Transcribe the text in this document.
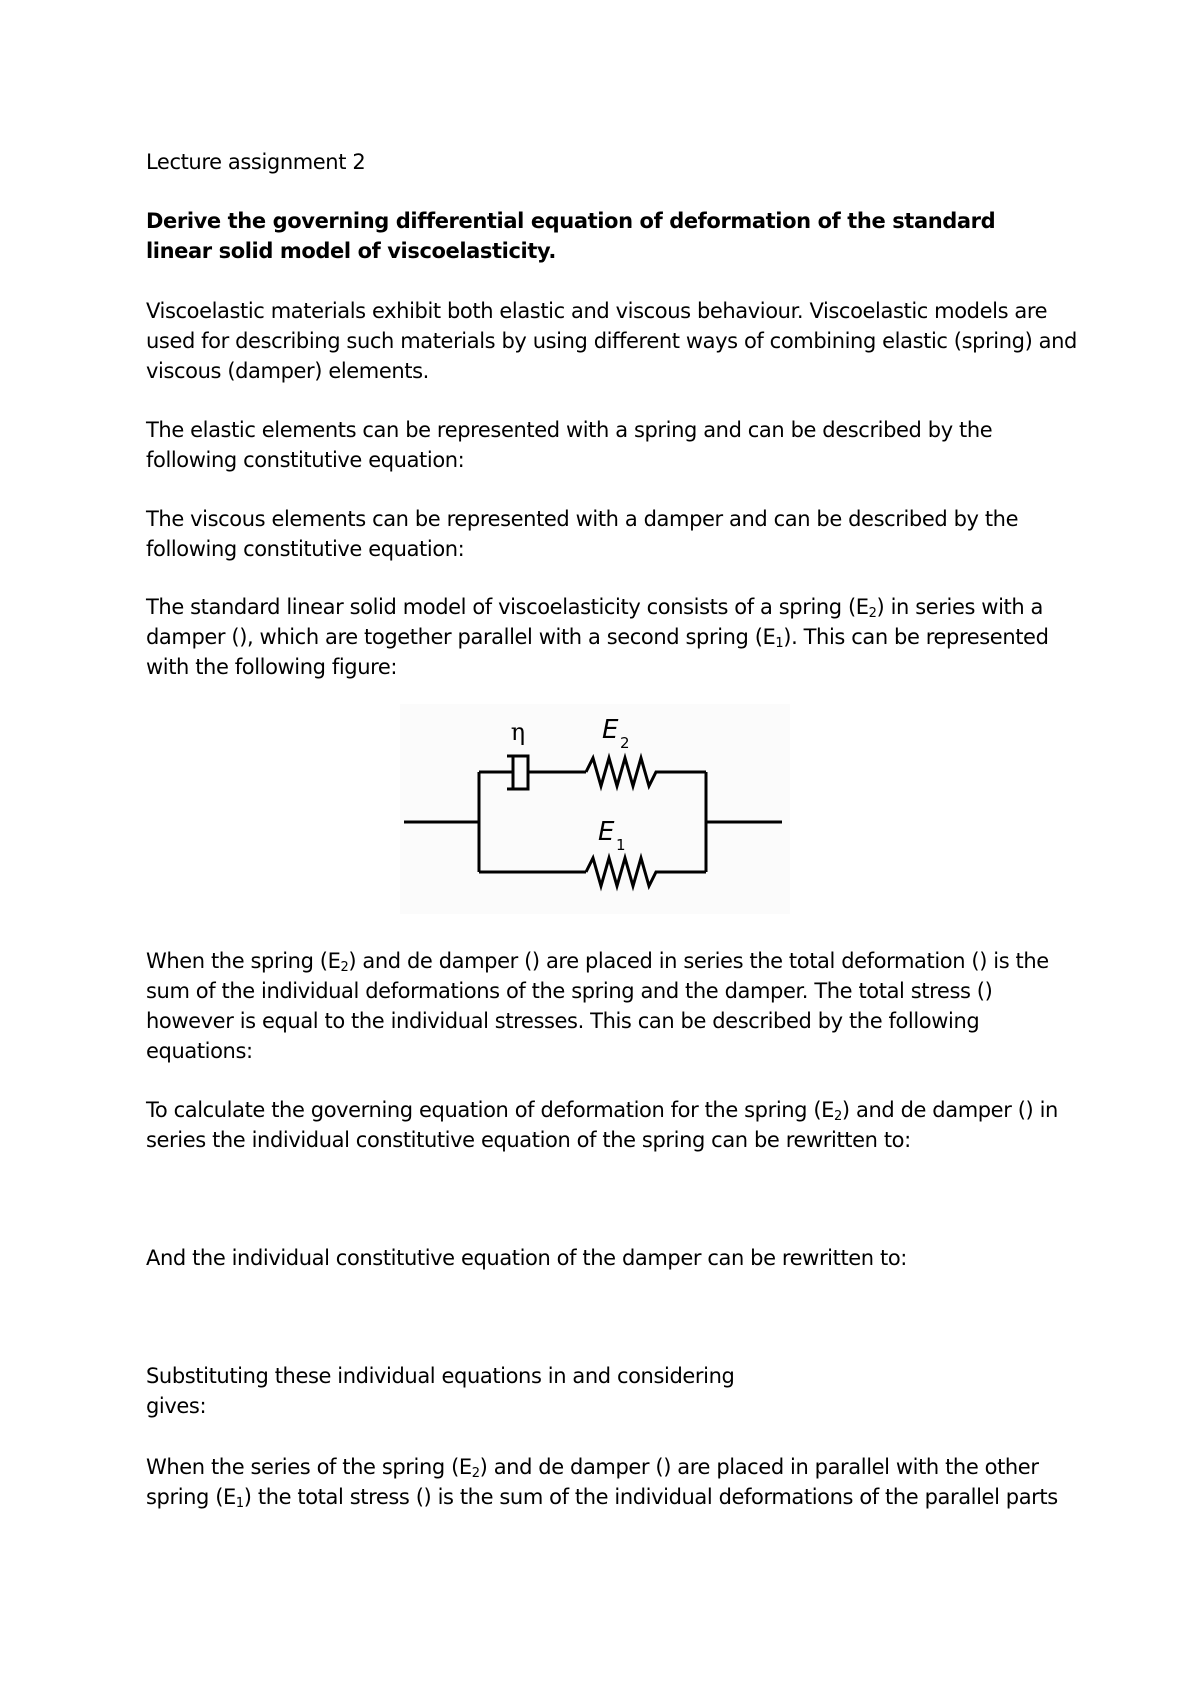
Lecture assignment 2

Derive the governing differential equation of deformation of the standard linear solid model of viscoelasticity.

Viscoelastic materials exhibit both elastic and viscous behaviour. Viscoelastic models are used for describing such materials by using different ways of combining elastic (spring) and viscous (damper) elements.

The elastic elements can be represented with a spring and can be described by the following constitutive equation:

The viscous elements can be represented with a damper and can be described by the following constitutive equation:

The standard linear solid model of viscoelasticity consists of a spring $(E_2)$ in series with a damper (), which are together parallel with a second spring $(E_1)$. This can be represented with the following figure:

When the spring $(E_2)$ and de damper () are placed in series the total deformation () is the sum of the individual deformations of the spring and the damper. The total stress () however is equal to the individual stresses. This can be described by the following equations:

To calculate the governing equation of deformation for the spring $(E_2)$ and de damper () in series the individual constitutive equation of the spring can be rewritten to:

And the individual constitutive equation of the damper can be rewritten to:

Substituting these individual equations in and considering
gives:

When the series of the spring $(E_2)$ and de damper () are placed in parallel with the other spring $(E_1)$ the total stress () is the sum of the individual deformations of the parallel parts

η	E 2
E 1
